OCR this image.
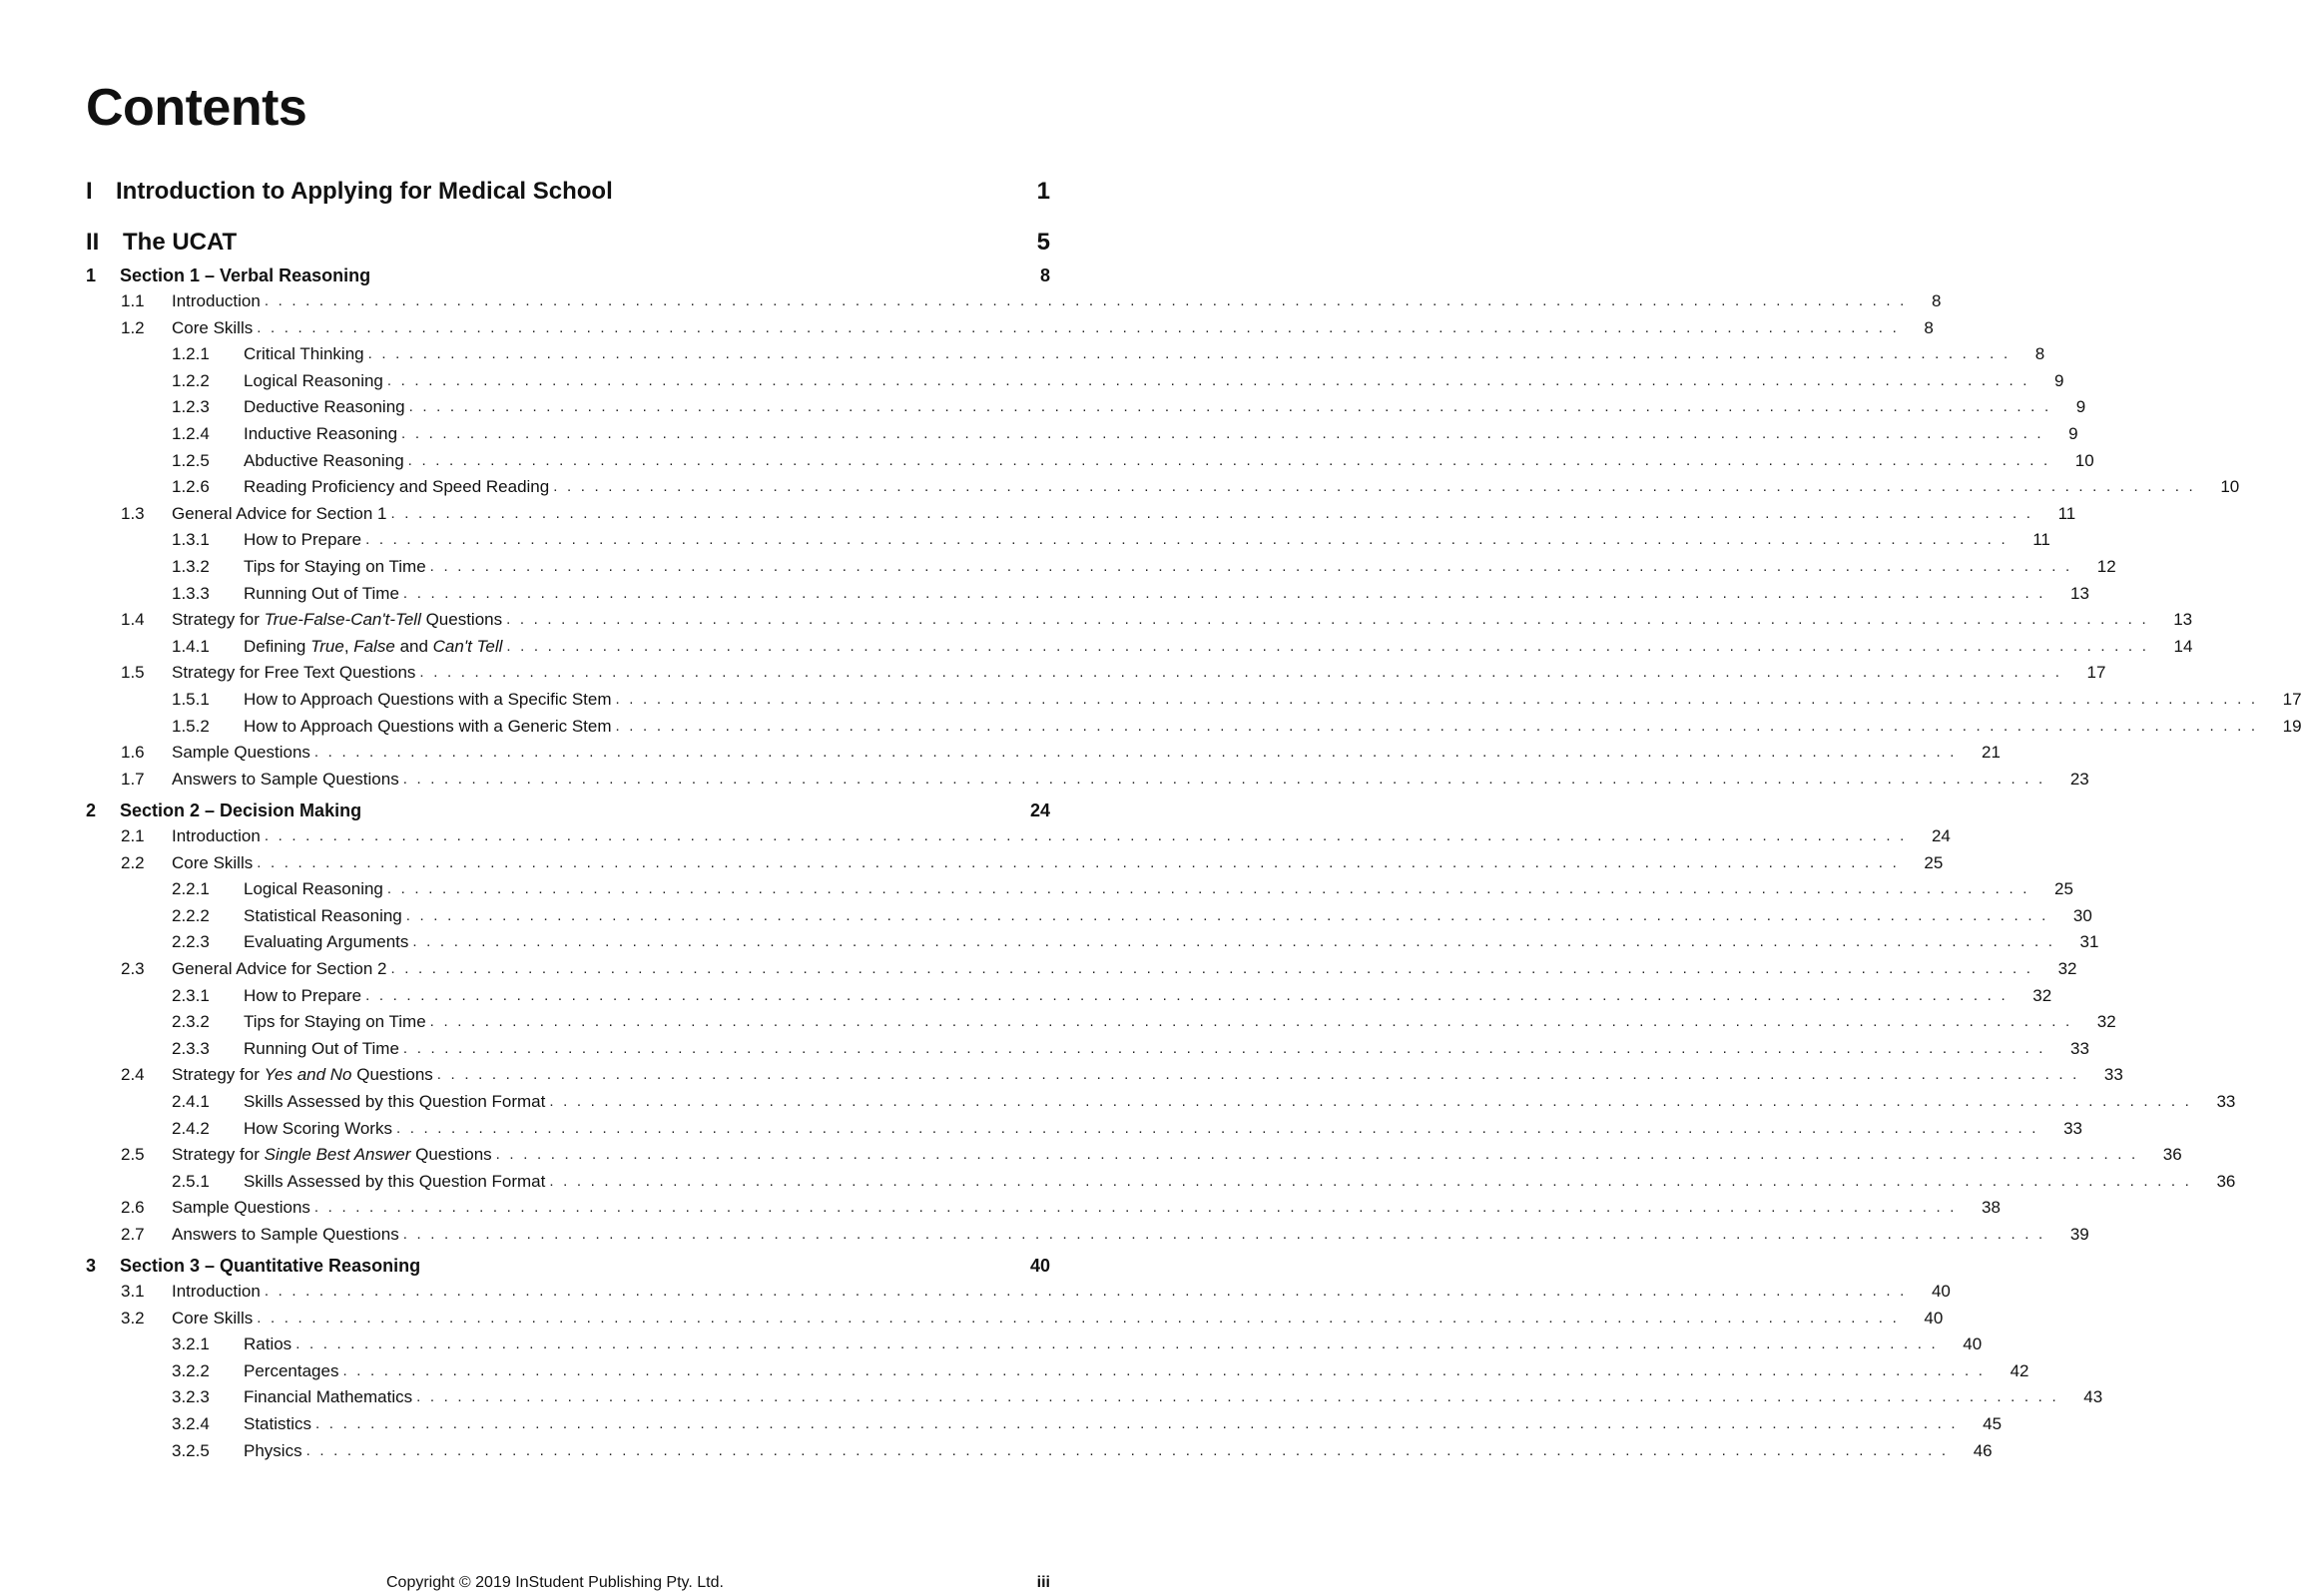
Contents
I Introduction to Applying for Medical School	1
II The UCAT	5
1 Section 1 – Verbal Reasoning	8
1.1 Introduction ........................................................................................................................ 8
1.2 Core Skills ........................................................................................................................ 8
1.2.1 Critical Thinking ........................................................................................................................ 8
1.2.2 Logical Reasoning ........................................................................................................................ 9
1.2.3 Deductive Reasoning ........................................................................................................................ 9
1.2.4 Inductive Reasoning ........................................................................................................................ 9
1.2.5 Abductive Reasoning ........................................................................................................................ 10
1.2.6 Reading Proficiency and Speed Reading ........................................................................................................................ 10
1.3 General Advice for Section 1 ........................................................................................................................ 11
1.3.1 How to Prepare ........................................................................................................................ 11
1.3.2 Tips for Staying on Time ........................................................................................................................ 12
1.3.3 Running Out of Time ........................................................................................................................ 13
1.4 Strategy for True-False-Can't-Tell Questions ........................................................................................................................ 13
1.4.1 Defining True, False and Can't Tell ........................................................................................................................ 14
1.5 Strategy for Free Text Questions ........................................................................................................................ 17
1.5.1 How to Approach Questions with a Specific Stem ........................................................................................................................ 17
1.5.2 How to Approach Questions with a Generic Stem ........................................................................................................................ 19
1.6 Sample Questions ........................................................................................................................ 21
1.7 Answers to Sample Questions ........................................................................................................................ 23
2 Section 2 – Decision Making	24
2.1 Introduction ........................................................................................................................ 24
2.2 Core Skills ........................................................................................................................ 25
2.2.1 Logical Reasoning ........................................................................................................................ 25
2.2.2 Statistical Reasoning ........................................................................................................................ 30
2.2.3 Evaluating Arguments ........................................................................................................................ 31
2.3 General Advice for Section 2 ........................................................................................................................ 32
2.3.1 How to Prepare ........................................................................................................................ 32
2.3.2 Tips for Staying on Time ........................................................................................................................ 32
2.3.3 Running Out of Time ........................................................................................................................ 33
2.4 Strategy for Yes and No Questions ........................................................................................................................ 33
2.4.1 Skills Assessed by this Question Format ........................................................................................................................ 33
2.4.2 How Scoring Works ........................................................................................................................ 33
2.5 Strategy for Single Best Answer Questions ........................................................................................................................ 36
2.5.1 Skills Assessed by this Question Format ........................................................................................................................ 36
2.6 Sample Questions ........................................................................................................................ 38
2.7 Answers to Sample Questions ........................................................................................................................ 39
3 Section 3 – Quantitative Reasoning	40
3.1 Introduction ........................................................................................................................ 40
3.2 Core Skills ........................................................................................................................ 40
3.2.1 Ratios ........................................................................................................................ 40
3.2.2 Percentages ........................................................................................................................ 42
3.2.3 Financial Mathematics ........................................................................................................................ 43
3.2.4 Statistics ........................................................................................................................ 45
3.2.5 Physics ........................................................................................................................ 46
Copyright © 2019 InStudent Publishing Pty. Ltd.	iii
